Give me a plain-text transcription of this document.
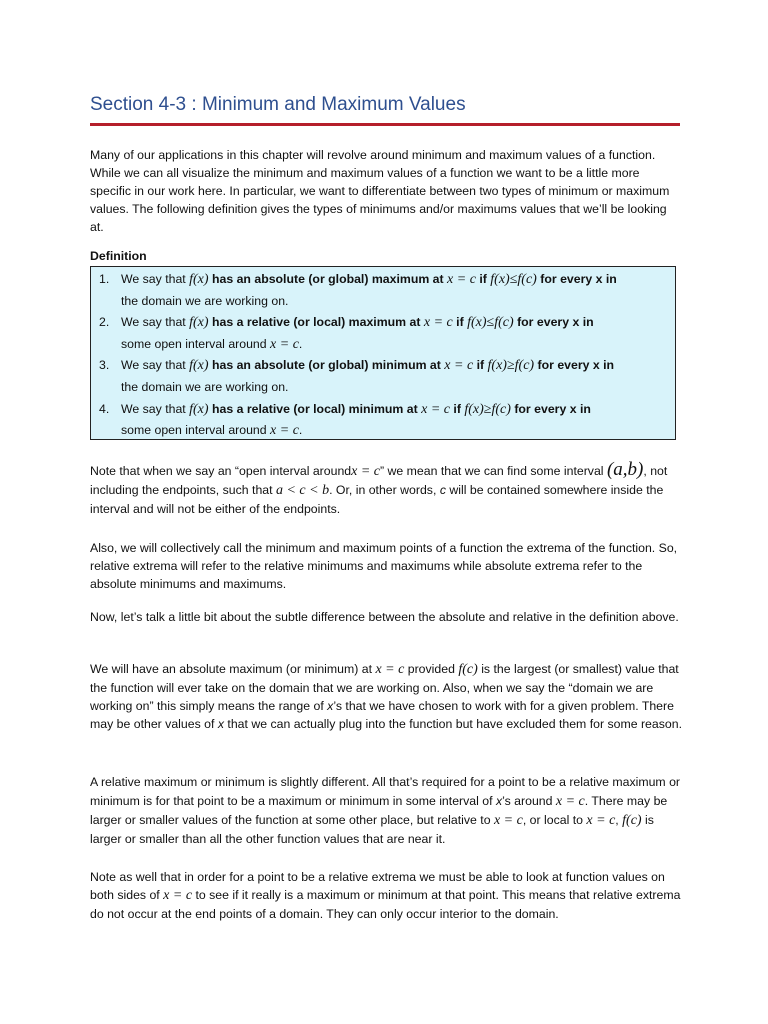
Section 4-3 : Minimum and Maximum Values

Many of our applications in this chapter will revolve around minimum and maximum values of a function. While we can all visualize the minimum and maximum values of a function we want to be a little more specific in our work here. In particular, we want to differentiate between two types of minimum or maximum values. The following definition gives the types of minimums and/or maximums values that we’ll be looking at.

Definition
1. We say that f(x) has an absolute (or global) maximum at x = c if f(x)≤f(c) for every x in
the domain we are working on.
2. We say that f(x) has a relative (or local) maximum at x = c if f(x)≤f(c) for every x in
some open interval around x = c.
3. We say that f(x) has an absolute (or global) minimum at x = c if f(x)≥f(c) for every x in
the domain we are working on.
4. We say that f(x) has a relative (or local) minimum at x = c if f(x)≥f(c) for every x in
some open interval around x = c.

Note that when we say an “open interval aroundx = c” we mean that we can find some interval (a,b), not including the endpoints, such that a < c < b. Or, in other words, c will be contained somewhere inside the interval and will not be either of the endpoints.

Also, we will collectively call the minimum and maximum points of a function the extrema of the function. So, relative extrema will refer to the relative minimums and maximums while absolute extrema refer to the absolute minimums and maximums.

Now, let’s talk a little bit about the subtle difference between the absolute and relative in the definition above.

We will have an absolute maximum (or minimum) at x = c provided f(c) is the largest (or smallest) value that the function will ever take on the domain that we are working on. Also, when we say the “domain we are working on” this simply means the range of x’s that we have chosen to work with for a given problem. There may be other values of x that we can actually plug into the function but have excluded them for some reason.

A relative maximum or minimum is slightly different. All that’s required for a point to be a relative maximum or minimum is for that point to be a maximum or minimum in some interval of x’s around x = c. There may be larger or smaller values of the function at some other place, but relative to x = c, or local to x = c, f(c) is larger or smaller than all the other function values that are near it.

Note as well that in order for a point to be a relative extrema we must be able to look at function values on both sides of x = c to see if it really is a maximum or minimum at that point. This means that relative extrema do not occur at the end points of a domain. They can only occur interior to the domain.
